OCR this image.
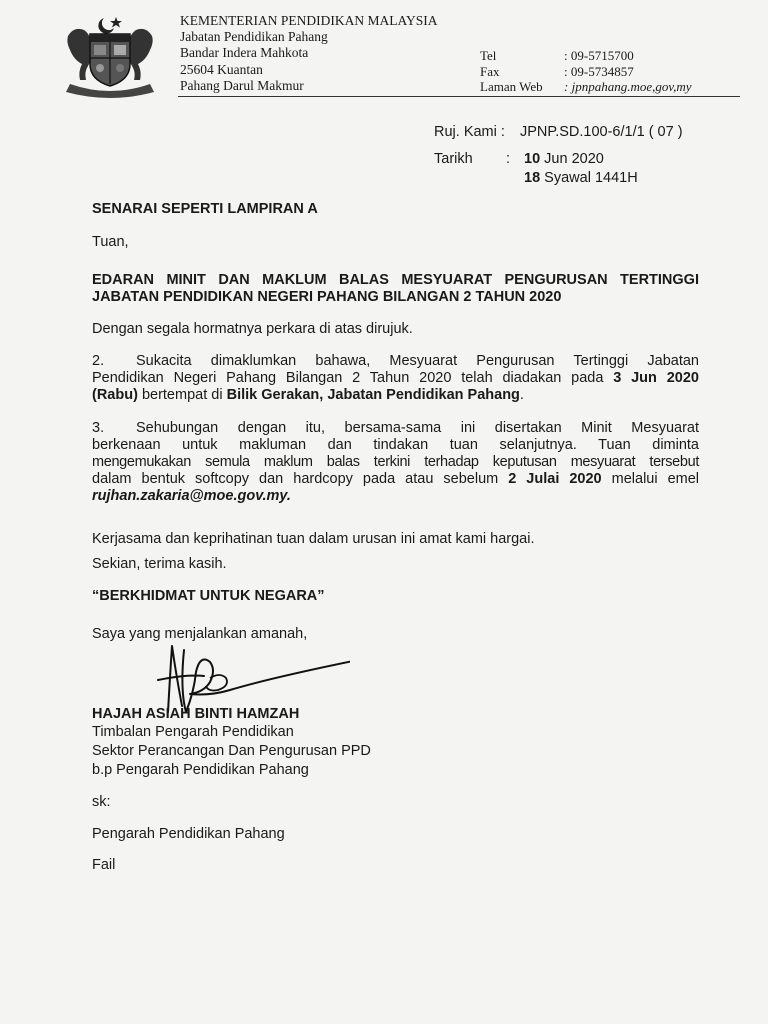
KEMENTERIAN PENDIDIKAN MALAYSIA
Jabatan Pendidikan Pahang
Bandar Indera Mahkota
25604 Kuantan
Pahang Darul Makmur
Tel	: 09-5715700
Fax	: 09-5734857
Laman Web	: jpnpahang.moe,gov,my
Ruj. Kami : JPNP.SD.100-6/1/1 ( 07 )
Tarikh : 10 Jun 2020
18 Syawal 1441H
SENARAI SEPERTI LAMPIRAN A
Tuan,
EDARAN MINIT DAN MAKLUM BALAS MESYUARAT PENGURUSAN TERTINGGI
JABATAN PENDIDIKAN NEGERI PAHANG BILANGAN 2 TAHUN 2020
Dengan segala hormatnya perkara di atas dirujuk.
2. Sukacita dimaklumkan bahawa, Mesyuarat Pengurusan Tertinggi Jabatan
Pendidikan Negeri Pahang Bilangan 2 Tahun 2020 telah diadakan pada 3 Jun 2020
(Rabu) bertempat di Bilik Gerakan, Jabatan Pendidikan Pahang.
3. Sehubungan dengan itu, bersama-sama ini disertakan Minit Mesyuarat
berkenaan untuk makluman dan tindakan tuan selanjutnya. Tuan diminta
mengemukakan semula maklum balas terkini terhadap keputusan mesyuarat tersebut
dalam bentuk softcopy dan hardcopy pada atau sebelum 2 Julai 2020 melalui emel
rujhan.zakaria@moe.gov.my.
Kerjasama dan keprihatinan tuan dalam urusan ini amat kami hargai.
Sekian, terima kasih.
“BERKHIDMAT UNTUK NEGARA”
Saya yang menjalankan amanah,
HAJAH ASIAH BINTI HAMZAH
Timbalan Pengarah Pendidikan
Sektor Perancangan Dan Pengurusan PPD
b.p Pengarah Pendidikan Pahang
sk:
Pengarah Pendidikan Pahang
Fail
